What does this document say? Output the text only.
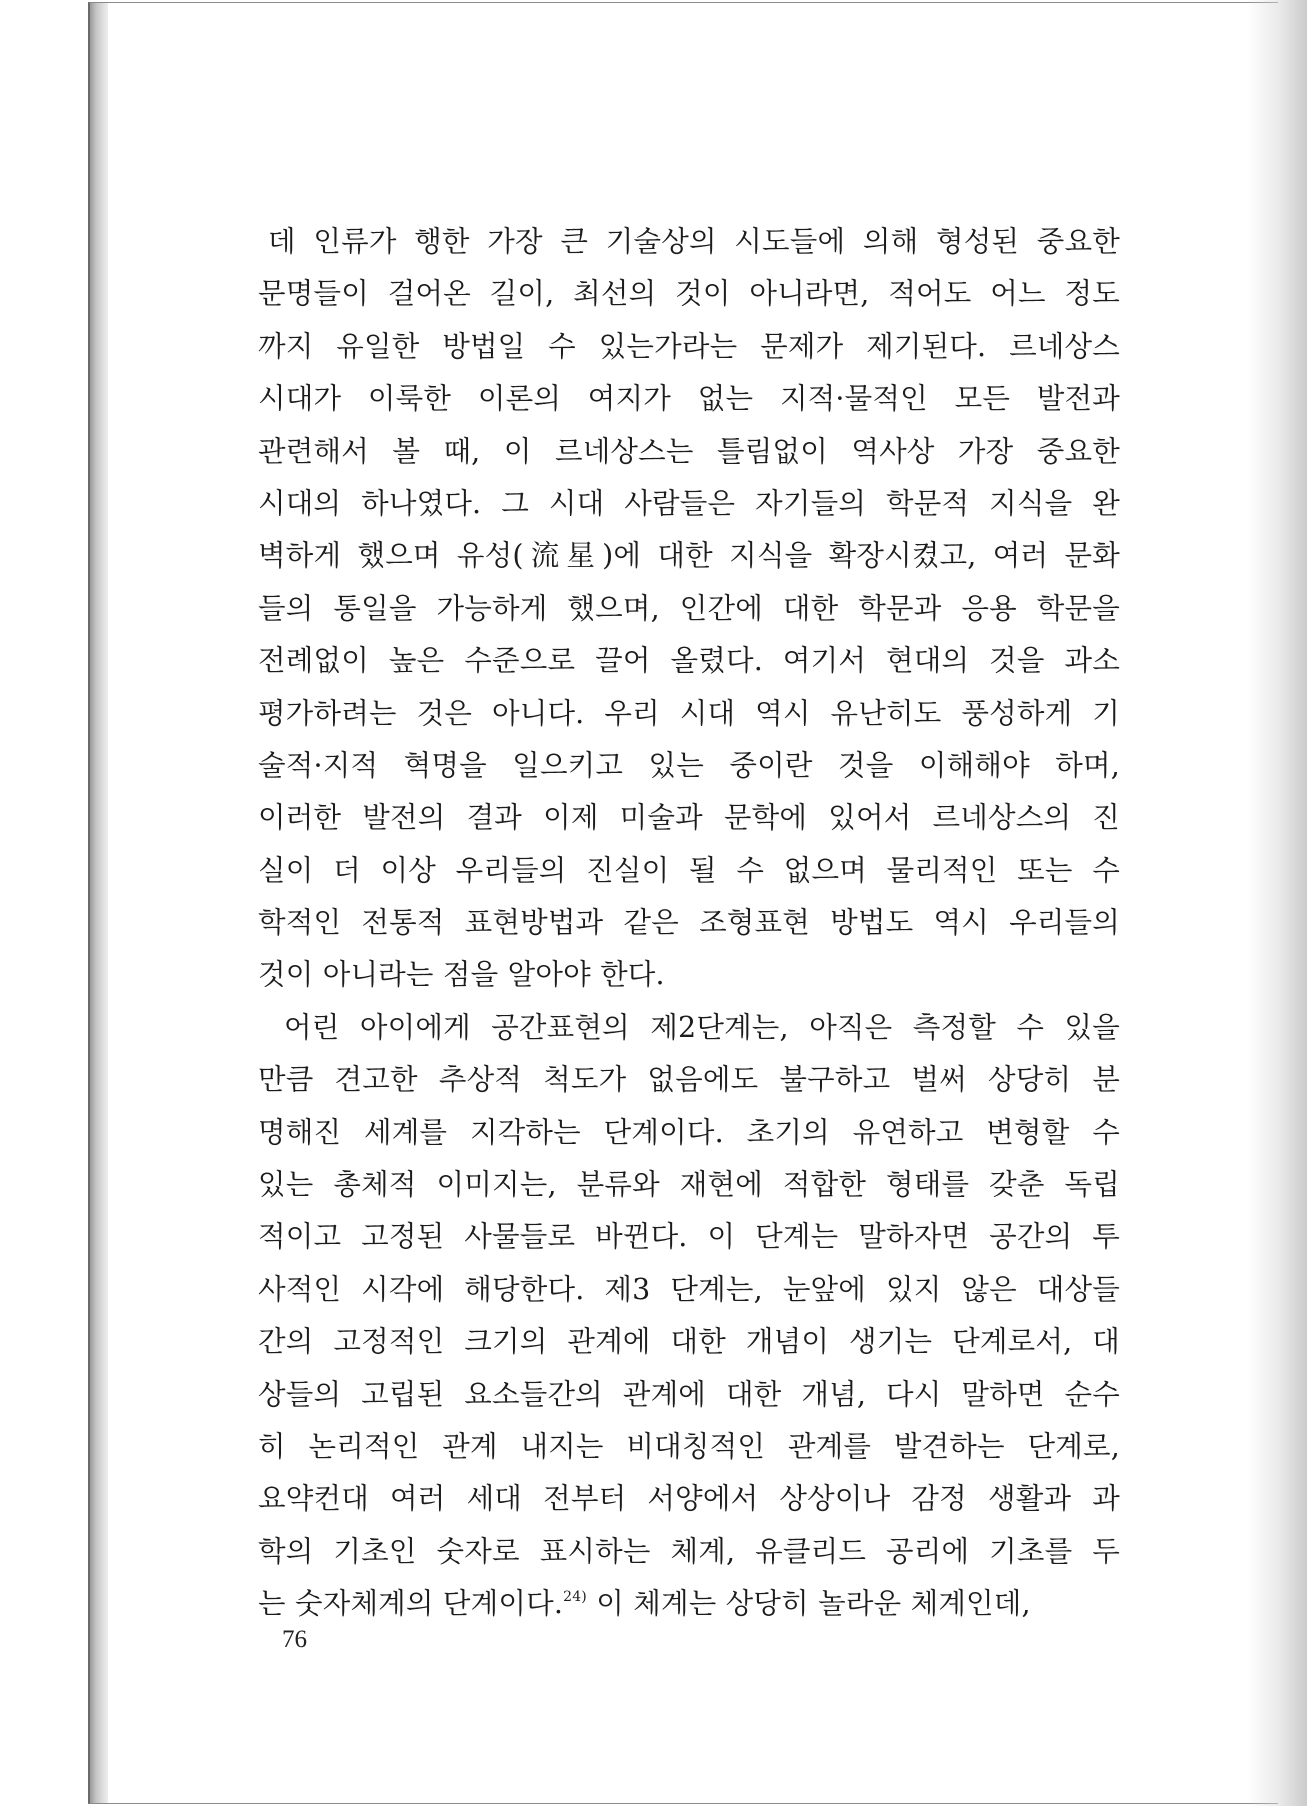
데 인류가 행한 가장 큰 기술상의 시도들에 의해 형성된 중요한
문명들이 걸어온 길이, 최선의 것이 아니라면, 적어도 어느 정도
까지 유일한 방법일 수 있는가라는 문제가 제기된다. 르네상스
시대가 이룩한 이론의 여지가 없는 지적·물적인 모든 발전과
관련해서 볼 때, 이 르네상스는 틀림없이 역사상 가장 중요한
시대의 하나였다. 그 시대 사람들은 자기들의 학문적 지식을 완
벽하게 했으며 유성(流星)에 대한 지식을 확장시켰고, 여러 문화
들의 통일을 가능하게 했으며, 인간에 대한 학문과 응용 학문을
전례없이 높은 수준으로 끌어 올렸다. 여기서 현대의 것을 과소
평가하려는 것은 아니다. 우리 시대 역시 유난히도 풍성하게 기
술적·지적 혁명을 일으키고 있는 중이란 것을 이해해야 하며,
이러한 발전의 결과 이제 미술과 문학에 있어서 르네상스의 진
실이 더 이상 우리들의 진실이 될 수 없으며 물리적인 또는 수
학적인 전통적 표현방법과 같은 조형표현 방법도 역시 우리들의
것이 아니라는 점을 알아야 한다.
어린 아이에게 공간표현의 제2단계는, 아직은 측정할 수 있을
만큼 견고한 추상적 척도가 없음에도 불구하고 벌써 상당히 분
명해진 세계를 지각하는 단계이다. 초기의 유연하고 변형할 수
있는 총체적 이미지는, 분류와 재현에 적합한 형태를 갖춘 독립
적이고 고정된 사물들로 바뀐다. 이 단계는 말하자면 공간의 투
사적인 시각에 해당한다. 제3 단계는, 눈앞에 있지 않은 대상들
간의 고정적인 크기의 관계에 대한 개념이 생기는 단계로서, 대
상들의 고립된 요소들간의 관계에 대한 개념, 다시 말하면 순수
히 논리적인 관계 내지는 비대칭적인 관계를 발견하는 단계로,
요약컨대 여러 세대 전부터 서양에서 상상이나 감정 생활과 과
학의 기초인 숫자로 표시하는 체계, 유클리드 공리에 기초를 두
는 숫자체계의 단계이다.$^{24)}$ 이 체계는 상당히 놀라운 체계인데,
76
